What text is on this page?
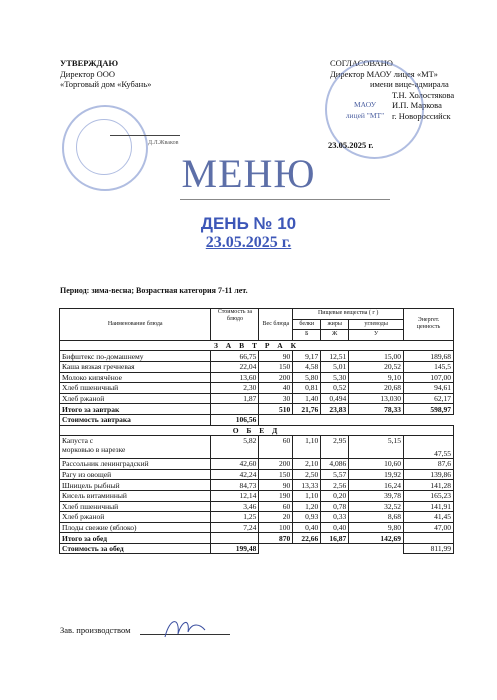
УТВЕРЖДАЮ
Директор ООО
«Торговый дом «Кубань»
Д.Л.Жваков
СОГЛАСОВАНО
Директор МАОУ лицея «МТ»
имени вице-адмирала
Т.Н. Холостякова
И.П. Маркова
г. Новороссийск
МАОУ лицей "МТ"
23.05.2025 г.
МЕНЮ
ДЕНЬ № 10
23.05.2025 г.
Период: зима-весна; Возрастная категория 7-11 лет.
Наименование блюда	Стоимость за блюдо	Вес блюда	Пищевые вещества ( г )			Энергет. ценность
			белки	жиры	углеводы	
			Б	Ж	У	
З А В Т Р А К						
Бифштекс по-домашнему	66,75	90	9,17	12,51	15,00	189,68
Каша вязкая гречневая	22,04	150	4,58	5,01	20,52	145,5
Молоко кипячёное	13,60	200	5,80	5,30	9,10	107,00
Хлеб пшеничный	2,30	40	0,81	0,52	20,68	94,61
Хлеб ржаной	1,87	30	1,40	0,494	13,030	62,17
Итого за завтрак		510	21,76	23,83	78,33	598,97
Стоимость завтрака	106,56					
О Б Е Д						

Капуста с
морковью в нарезке	5,82	60	1,10	2,95	5,15	47,55
Рассольник ленинградский	42,60	200	2,10	4,086	10,60	87,6
Рагу из овощей	42,24	150	2,50	5,57	19,92	139,86
Шницель рыбный	84,73	90	13,33	2,56	16,24	141,28
Кисель витаминный	12,14	190	1,10	0,20	39,78	165,23
Хлеб пшеничный	3,46	60	1,20	0,78	32,52	141,91
Хлеб ржаной	1,25	20	0,93	0,33	8,68	41,45
Плоды свежие (яблоко)	7,24	100	0,40	0,40	9,80	47,00
Итого за обед		870	22,66	16,87	142,69	
Стоимость за обед	199,48					811,99
Зав. производством
